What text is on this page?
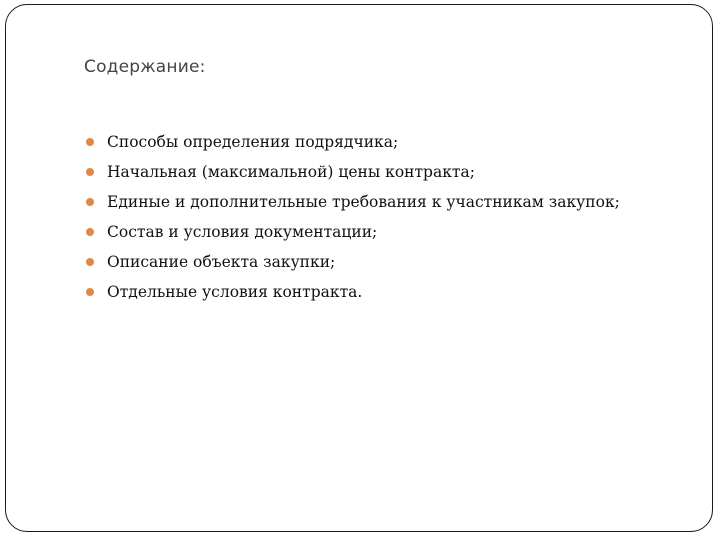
Содержание:
Способы определения подрядчика;
Начальная (максимальной) цены контракта;
Единые и дополнительные требования к участникам закупок;
Состав и условия документации;
Описание объекта закупки;
Отдельные условия контракта.
